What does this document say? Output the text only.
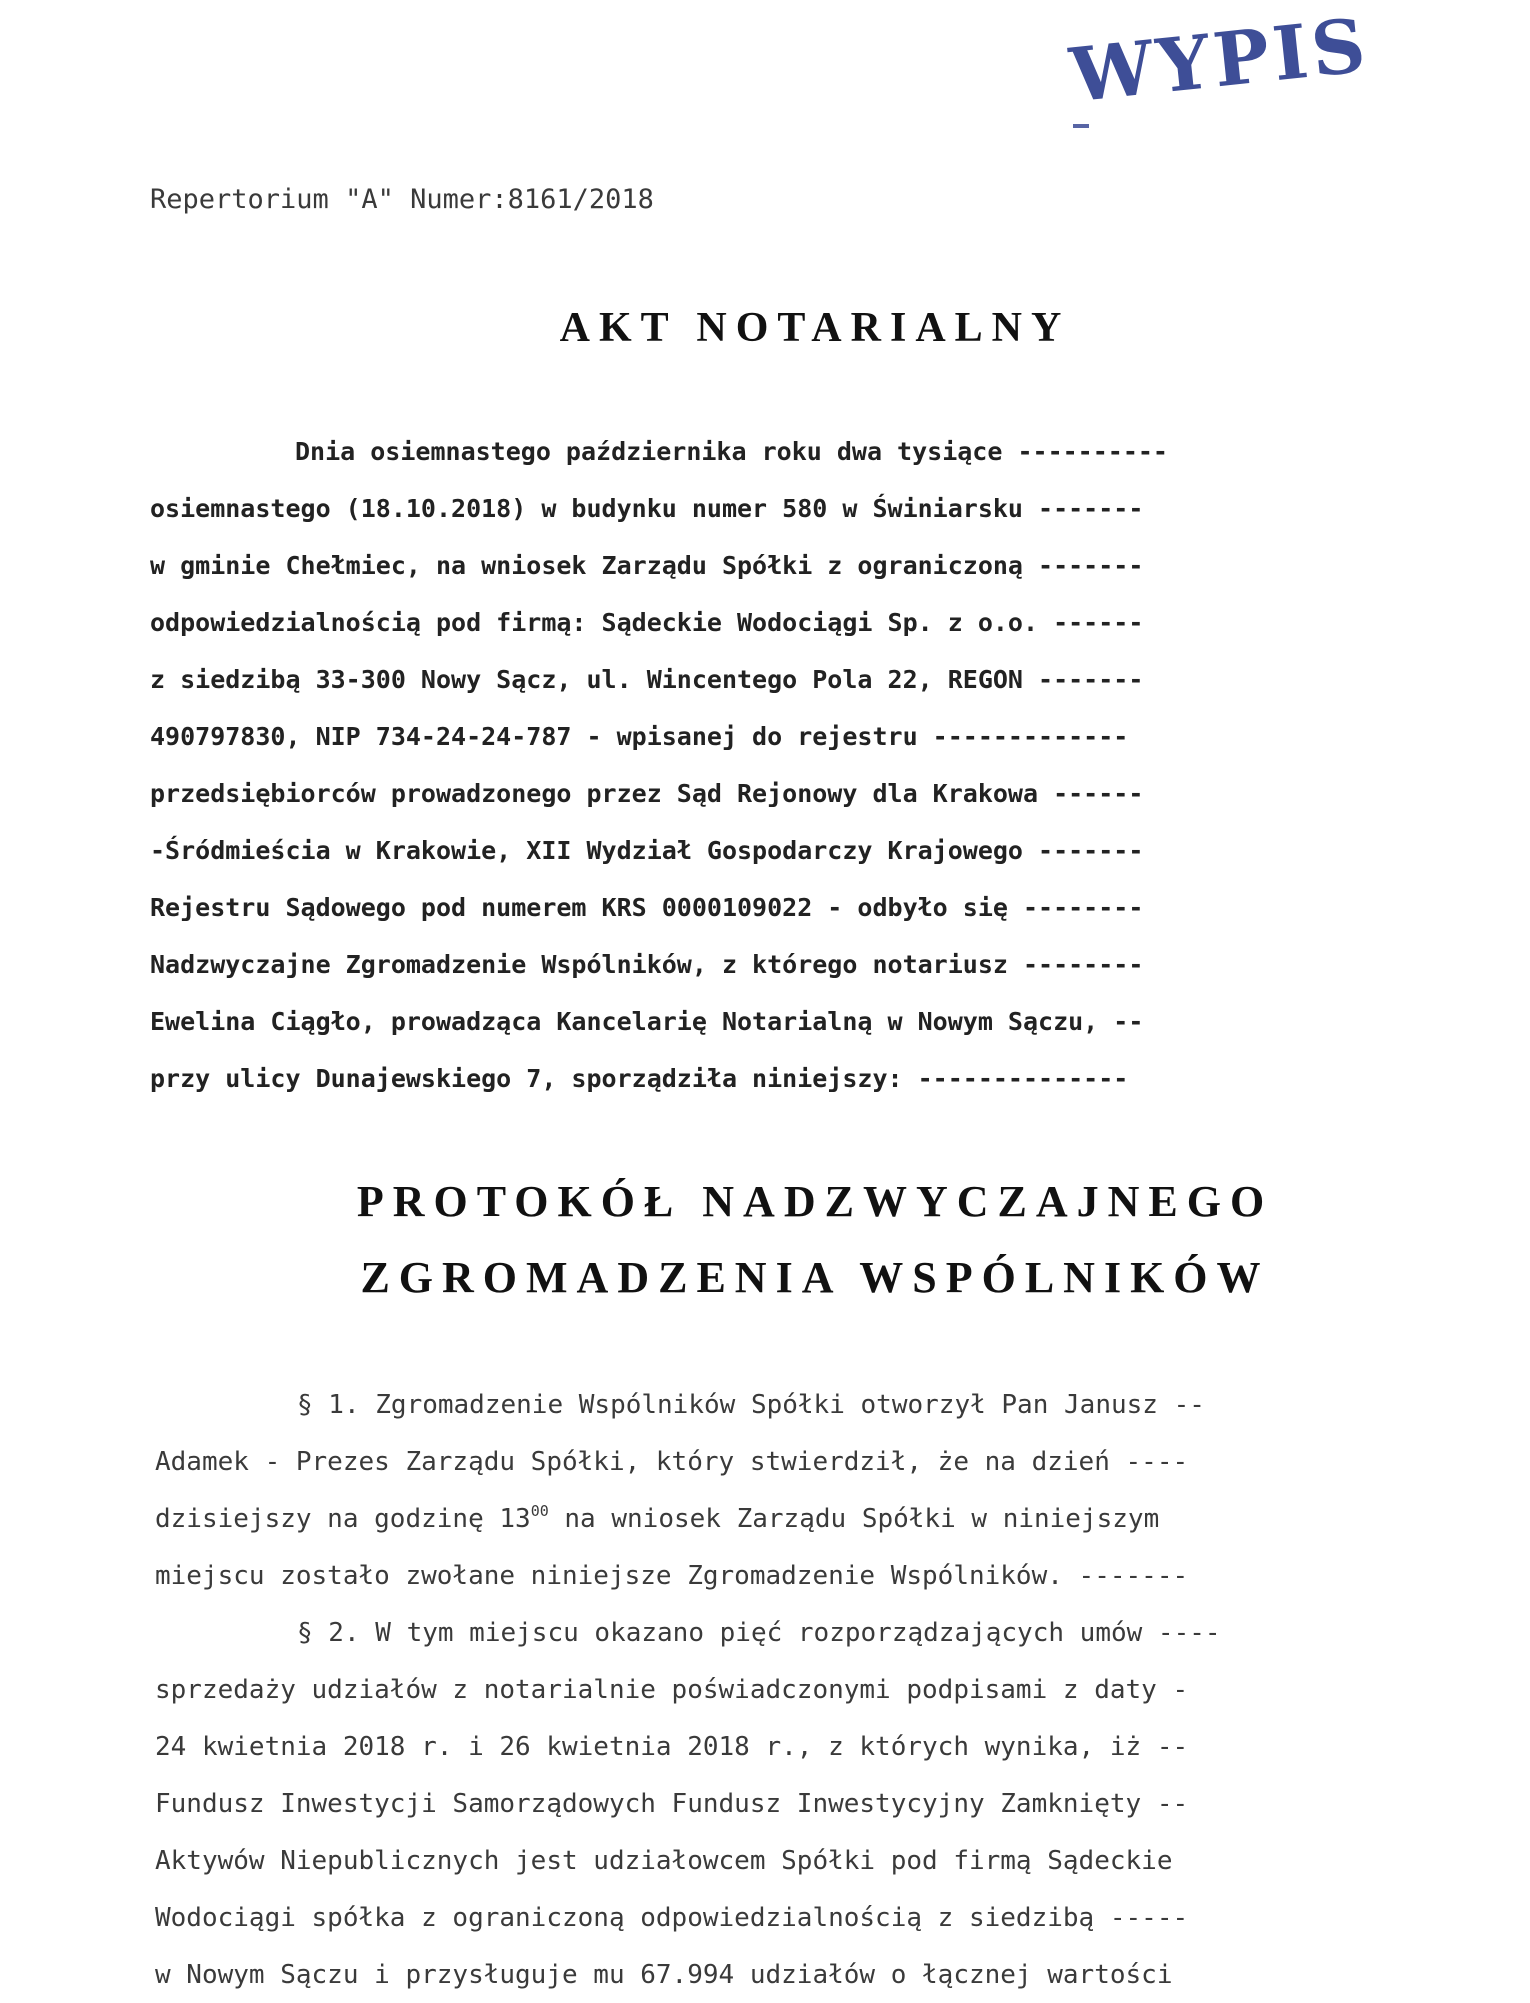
WYPIS
Repertorium "A" Numer:8161/2018
AKT NOTARIALNY
Dnia osiemnastego października roku dwa tysiące ----------
osiemnastego (18.10.2018) w budynku numer 580 w Świniarsku -------
w gminie Chełmiec, na wniosek Zarządu Spółki z ograniczoną -------
odpowiedzialnością pod firmą: Sądeckie Wodociągi Sp. z o.o. ------
z siedzibą 33-300 Nowy Sącz, ul. Wincentego Pola 22, REGON -------
490797830, NIP 734-24-24-787 - wpisanej do rejestru -------------
przedsiębiorców prowadzonego przez Sąd Rejonowy dla Krakowa ------
-Śródmieścia w Krakowie, XII Wydział Gospodarczy Krajowego -------
Rejestru Sądowego pod numerem KRS 0000109022 - odbyło się --------
Nadzwyczajne Zgromadzenie Wspólników, z którego notariusz --------
Ewelina Ciągło, prowadząca Kancelarię Notarialną w Nowym Sączu, --
przy ulicy Dunajewskiego 7, sporządziła niniejszy: --------------
PROTOKÓŁ NADZWYCZAJNEGO
ZGROMADZENIA WSPÓLNIKÓW
§ 1. Zgromadzenie Wspólników Spółki otworzył Pan Janusz --
Adamek - Prezes Zarządu Spółki, który stwierdził, że na dzień ----
dzisiejszy na godzinę $13^{00}$ na wniosek Zarządu Spółki w niniejszym
miejscu zostało zwołane niniejsze Zgromadzenie Wspólników. -------
§ 2. W tym miejscu okazano pięć rozporządzających umów ----
sprzedaży udziałów z notarialnie poświadczonymi podpisami z daty -
24 kwietnia 2018 r. i 26 kwietnia 2018 r., z których wynika, iż --
Fundusz Inwestycji Samorządowych Fundusz Inwestycyjny Zamknięty --
Aktywów Niepublicznych jest udziałowcem Spółki pod firmą Sądeckie
Wodociągi spółka z ograniczoną odpowiedzialnością z siedzibą -----
w Nowym Sączu i przysługuje mu 67.994 udziałów o łącznej wartości
